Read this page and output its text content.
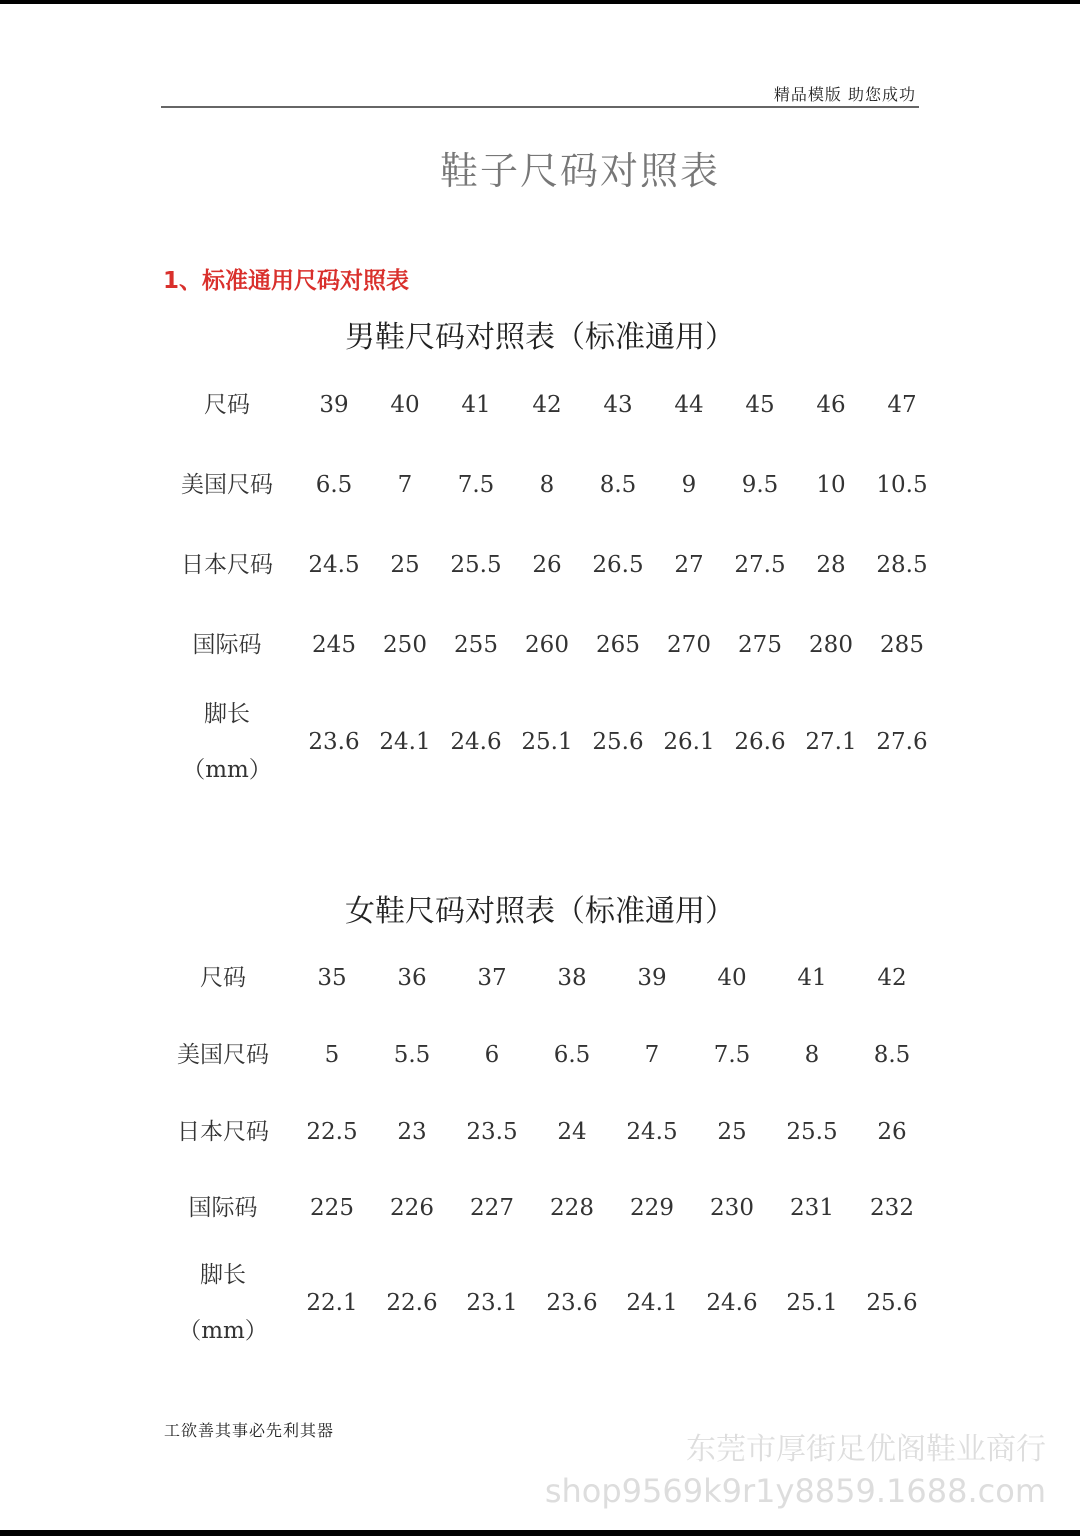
精品模版 助您成功
鞋子尺码对照表
1、标准通用尺码对照表
男鞋尺码对照表（标准通用）
尺码	39 40 41 42 43 44 45 46 47
美国尺码 6.5 7 7.5 8 8.5 9 9.5 10 10.5
日本尺码 24.5 25 25.5 26 26.5 27 27.5 28 28.5
国际码 245 250 255 260 265 270 275 280 285
脚长
（mm）
23.6 24.1 24.6 25.1 25.6 26.1 26.6 27.1 27.6
女鞋尺码对照表（标准通用）
尺码	35 36 37 38 39 40 41 42
美国尺码 5 5.5 6 6.5 7 7.5 8 8.5
日本尺码 22.5 23 23.5 24 24.5 25 25.5 26
国际码 225 226 227 228 229 230 231 232
脚长
（mm）
22.1 22.6 23.1 23.6 24.1 24.6 25.1 25.6
工欲善其事必先利其器
东莞市厚街足优阁鞋业商行
shop9569k9r1y8859.1688.com
